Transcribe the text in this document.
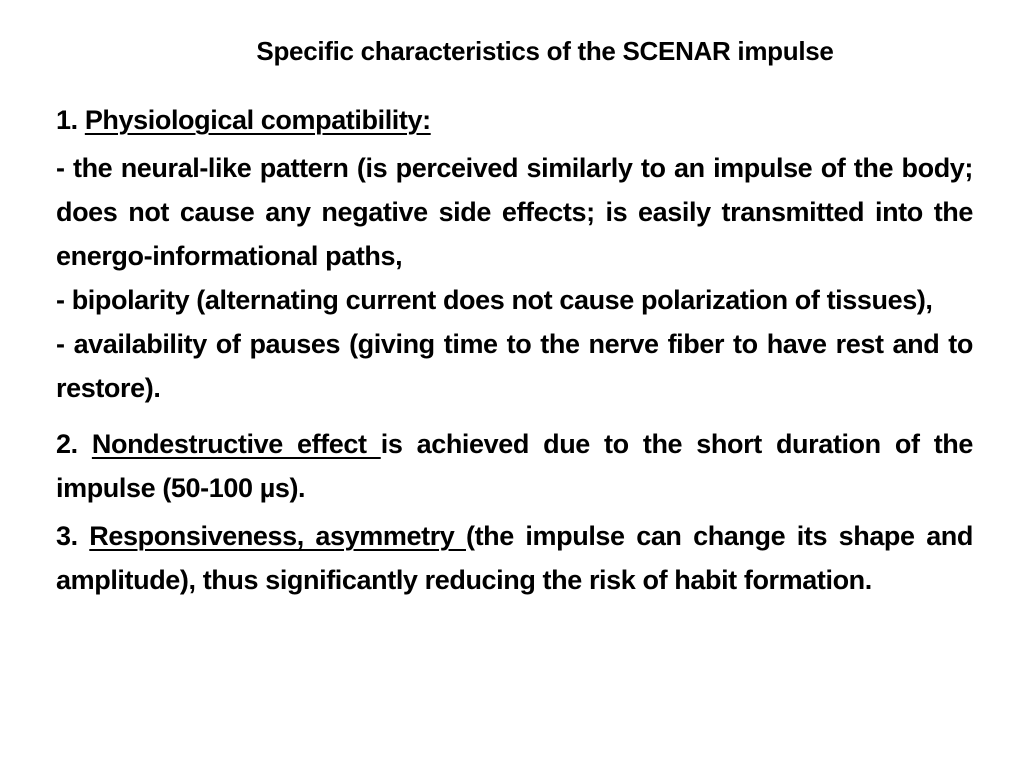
Specific characteristics of the SCENAR impulse

1. Physiological compatibility:

- the neural-like pattern (is perceived similarly to an impulse of the body; does not cause any negative side effects; is easily transmitted into the energo-informational paths,

- bipolarity (alternating current does not cause polarization of tissues),

- availability of pauses (giving time to the nerve fiber to have rest and to restore).

2. Nondestructive effect is achieved due to the short duration of the impulse (50-100 µs).

3. Responsiveness, asymmetry (the impulse can change its shape and amplitude), thus significantly reducing the risk of habit formation.
